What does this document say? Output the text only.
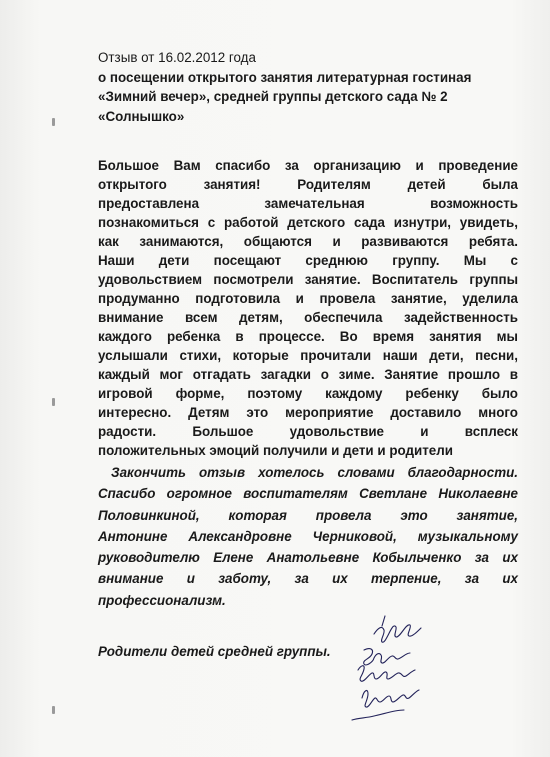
Отзыв от 16.02.2012 года
о посещении открытого занятия литературная гостиная
«Зимний вечер», средней группы детского сада № 2
«Солнышко»
Большое Вам спасибо за организацию и проведение
открытого занятия! Родителям детей была
предоставлена замечательная возможность
познакомиться с работой детского сада изнутри, увидеть,
как занимаются, общаются и развиваются ребята.
Наши дети посещают среднюю группу. Мы с
удовольствием посмотрели занятие. Воспитатель группы
продуманно подготовила и провела занятие, уделила
внимание всем детям, обеспечила задейственность
каждого ребенка в процессе. Во время занятия мы
услышали стихи, которые прочитали наши дети, песни,
каждый мог отгадать загадки о зиме. Занятие прошло в
игровой форме, поэтому каждому ребенку было
интересно. Детям это мероприятие доставило много
радости. Большое удовольствие и всплеск
положительных эмоций получили и дети и родители
Закончить отзыв хотелось словами благодарности.
Спасибо огромное воспитателям Светлане Николаевне
Половинкиной, которая провела это занятие,
Антонине Александровне Черниковой, музыкальному
руководителю Елене Анатольевне Кобыльченко за их
внимание и заботу, за их терпение, за их
профессионализм.
Родители детей средней группы.
